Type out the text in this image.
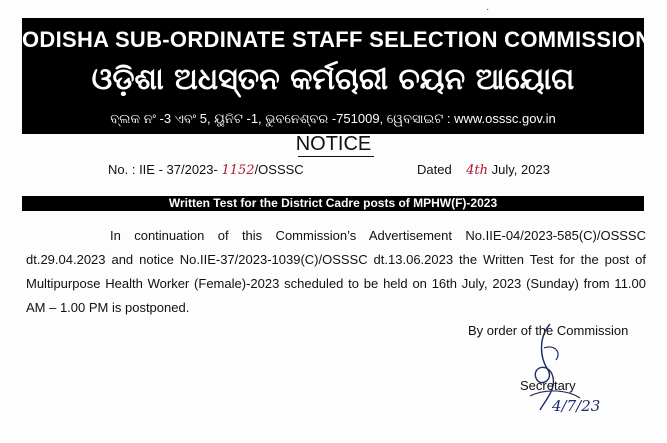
·
ODISHA SUB-ORDINATE STAFF SELECTION COMMISSION
ଓଡ଼ିଶା ଅଧସ୍ତନ କର୍ମଚାରୀ ଚୟନ ଆୟୋଗ
ବ୍ଲକ ନଂ -3 ଏବଂ 5, ୟୁନିଟ -1, ଭୁବନେଶ୍ବର -751009, ୱେବସାଇଟ : www.osssc.gov.in
NOTICE
No. : IIE - 37/2023- 1152/OSSSC	Dated 4th July, 2023
Written Test for the District Cadre posts of MPHW(F)-2023

In continuation of this Commission’s Advertisement No.IIE-04/2023-585(C)/OSSSC dt.29.04.2023 and notice No.IIE-37/2023-1039(C)/OSSSC dt.13.06.2023 the Written Test for the post of Multipurpose Health Worker (Female)-2023 scheduled to be held on 16th July, 2023 (Sunday) from 11.00 AM – 1.00 PM is postponed.

By order of the Commission
Secretary
4/7/23
